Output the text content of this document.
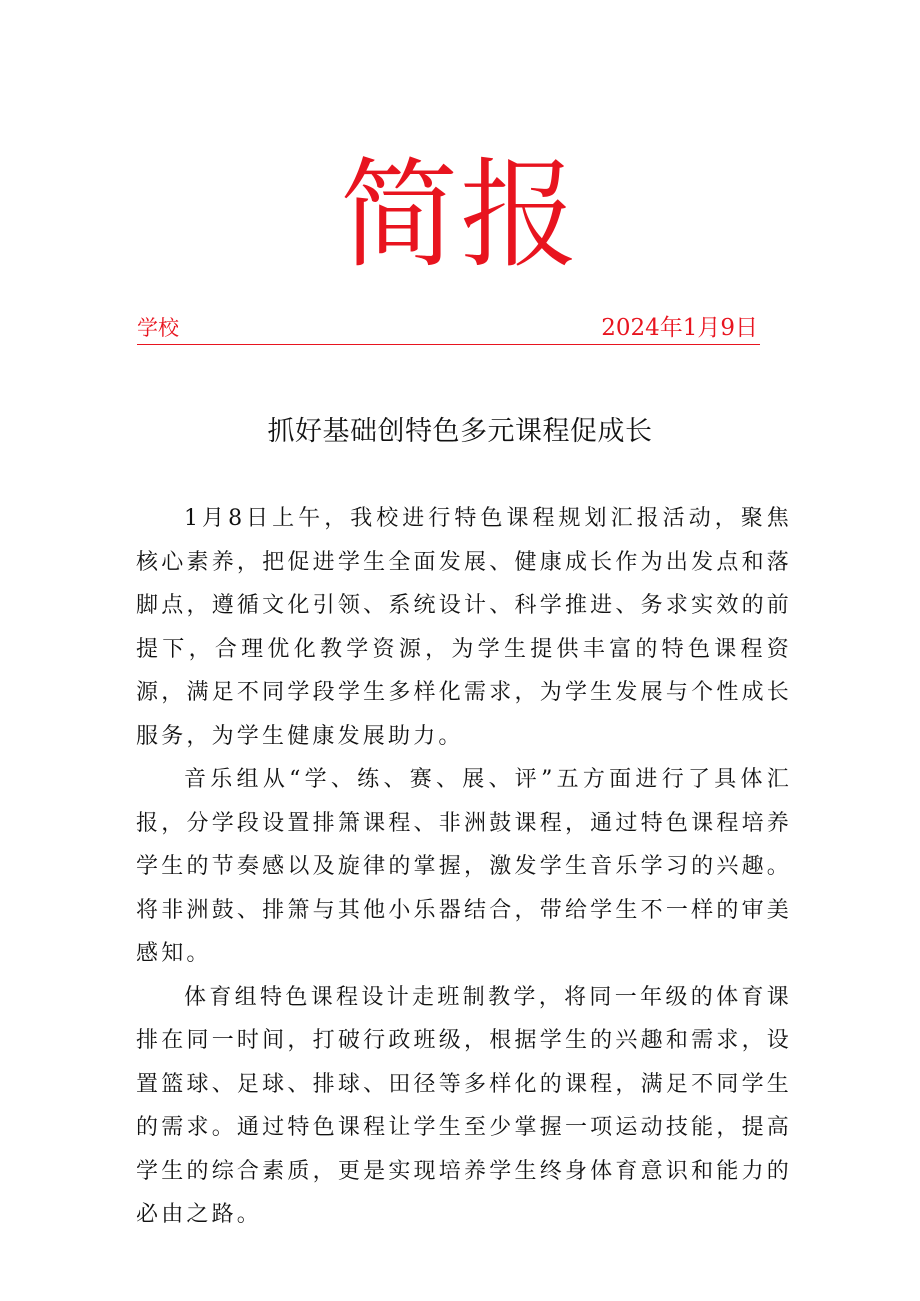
简报
学校	2024年1月9日
抓好基础创特色多元课程促成长

1月8日上午，我校进行特色课程规划汇报活动，聚焦核心素养，把促进学生全面发展、健康成长作为出发点和落脚点，遵循文化引领、系统设计、科学推进、务求实效的前提下，合理优化教学资源，为学生提供丰富的特色课程资源，满足不同学段学生多样化需求，为学生发展与个性成长服务，为学生健康发展助力。

音乐组从“学、练、赛、展、评”五方面进行了具体汇报，分学段设置排箫课程、非洲鼓课程，通过特色课程培养学生的节奏感以及旋律的掌握，激发学生音乐学习的兴趣。将非洲鼓、排箫与其他小乐器结合，带给学生不一样的审美感知。

体育组特色课程设计走班制教学，将同一年级的体育课排在同一时间，打破行政班级，根据学生的兴趣和需求，设置篮球、足球、排球、田径等多样化的课程，满足不同学生的需求。通过特色课程让学生至少掌握一项运动技能，提高学生的综合素质，更是实现培养学生终身体育意识和能力的必由之路。
